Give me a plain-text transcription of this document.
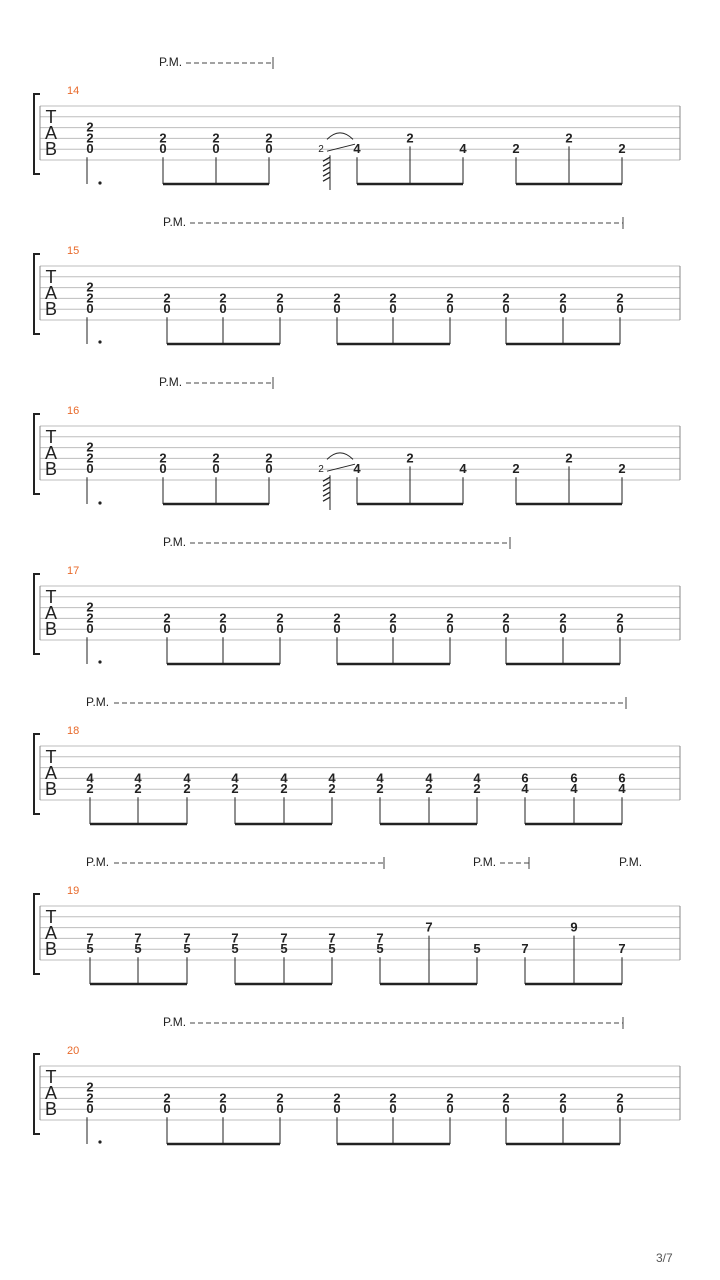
T
A
B
14
P.M.
2
2
0
2
0
2
0
2
0	2 4
2
4	2
2
2
T
A
B
15
P.M.
2
2
0
2
0
2
0
2
0
2
0
2
0
2
0
2
0
2
0
2
0
T
A
B
16
P.M.
2
2
0
2
0
2
0
2
0	2 4
2
4	2
2
2
T
A
B
17
P.M.
2
2
0
2
0
2
0
2
0
2
0
2
0
2
0
2
0
2
0
2
0
T
A
B
18
P.M.
4
2
4
2
4
2
4
2
4
2
4
2
4
2
4
2
4
2
6
4
6
4
6
4
T
A
B
19
P.M.	P.M.	P.M.
7
5
7
5
7
5
7
5
7
5
7
5
7
5
7
5	7
9
7
T
A
B
20
P.M.
2
2
0
2
0
2
0
2
0
2
0
2
0
2
0
2
0
2
0
2
0
3/7
